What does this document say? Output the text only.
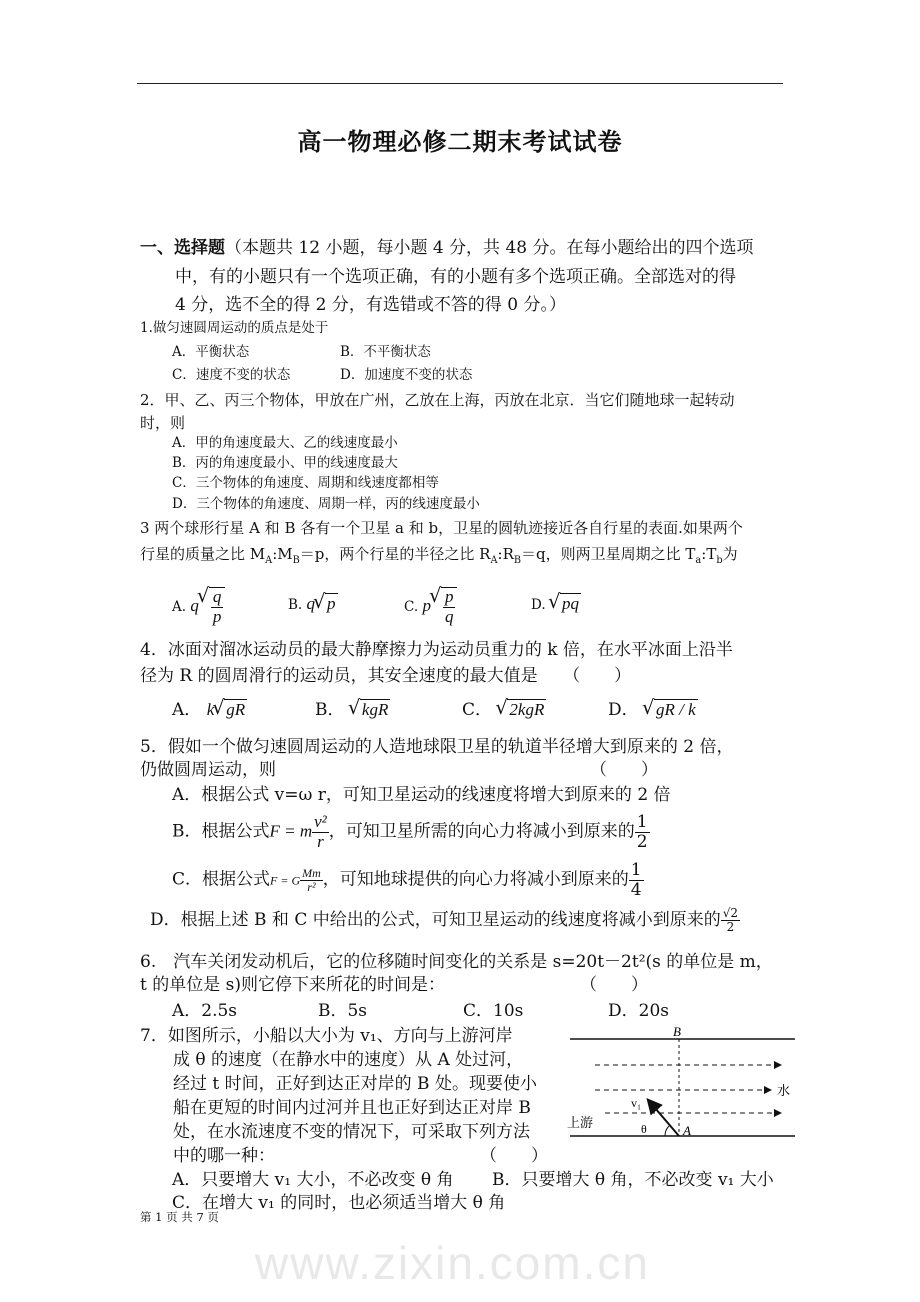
www.zixin.com.cn
高一物理必修二期末考试试卷
一、选择题（本题共 12 小题，每小题 4 分，共 48 分。在每小题给出的四个选项
中，有的小题只有一个选项正确，有的小题有多个选项正确。全部选对的得
4 分，选不全的得 2 分，有选错或不答的得 0 分。）
1.做匀速圆周运动的质点是处于
A．平衡状态	B．不平衡状态
C．速度不变的状态	D．加速度不变的状态
2．甲、乙、丙三个物体，甲放在广州，乙放在上海，丙放在北京．当它们随地球一起转动
时，则
A．甲的角速度最大、乙的线速度最小
B．丙的角速度最小、甲的线速度最大
C．三个物体的角速度、周期和线速度都相等
D．三个物体的角速度、周期一样，丙的线速度最小
3 两个球形行星 A 和 B 各有一个卫星 a 和 b，卫星的圆轨迹接近各自行星的表面.如果两个
行星的质量之比 $M_A:M_B=p$，两个行星的半径之比 $R_A:R_B=q$，则两卫星周期之比 $T_a:T_b$为
A. q √ $\frac{q}{p}$	B. q √ p	C. p √ $\frac{p}{q}$	D. √ pq
4．冰面对溜冰运动员的最大静摩擦力为运动员重力的 k 倍，在水平冰面上沿半
径为 R 的圆周滑行的运动员，其安全速度的最大值是　　 （　　）
A． k √ gR	B． √ kgR	C． √ 2kgR	D． √ gR / k
5．假如一个做匀速圆周运动的人造地球限卫星的轨道半径增大到原来的 2 倍，
仍做圆周运动，则	（　　）
A．根据公式 v=ω r，可知卫星运动的线速度将增大到原来的 2 倍
B．根据公式F = m $\frac{\text{v²}}{r}$ ，可知卫星所需的向心力将减小到原来的 $\frac{1}{2}$
C．根据公式F = G $\frac{Mm}{\text{r²}}$ ，可知地球提供的向心力将减小到原来的 $\frac{1}{4}$
D．根据上述 B 和 C 中给出的公式，可知卫星运动的线速度将减小到原来的 $\frac{√2}{2}$
6.　汽车关闭发动机后，它的位移随时间变化的关系是 s=20t－2t²(s 的单位是 m，
t 的单位是 s)则它停下来所花的时间是：	（　　）
A．2.5s	B．5s	C．10s	D．20s
7．如图所示，小船以大小为 v₁、方向与上游河岸
成 θ 的速度（在静水中的速度）从 A 处过河，
经过 t 时间，正好到达正对岸的 B 处。现要使小
船在更短的时间内过河并且也正好到达正对岸 B
处，在水流速度不变的情况下，可采取下列方法
中的哪一种：	（　　）
A．只要增大 v₁ 大小，不必改变 θ 角 B．只要增大 θ 角，不必改变 v₁ 大小
C．在增大 v₁ 的同时，也必须适当增大 θ 角
B
A
v₁
θ
上游
水
第 1 页 共 7 页
